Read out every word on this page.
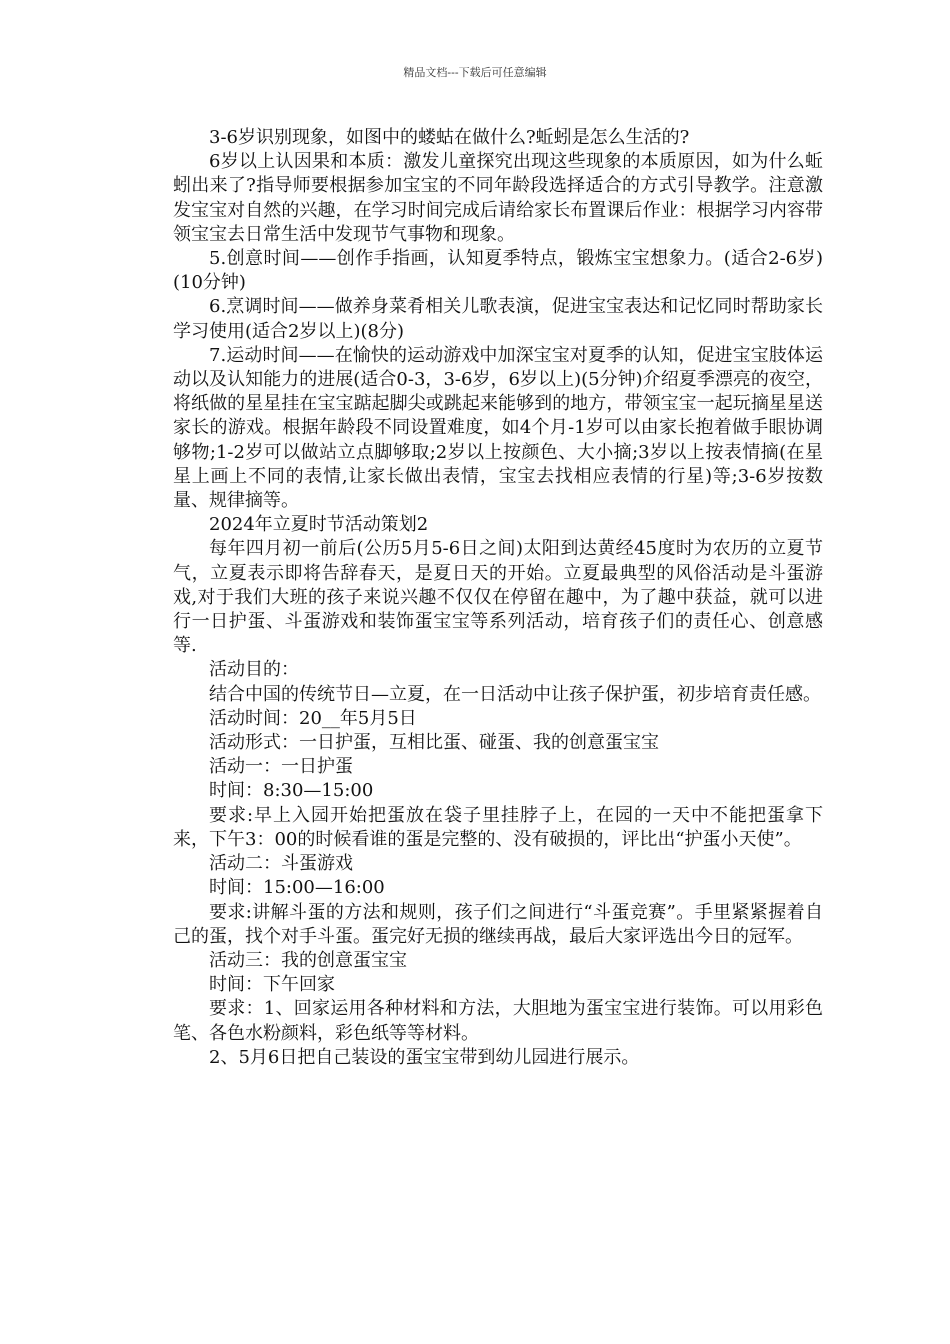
精品文档---下载后可任意编辑

3-6岁识别现象，如图中的蝼蛄在做什么?蚯蚓是怎么生活的?

6岁以上认因果和本质：激发儿童探究出现这些现象的本质原因，如为什么蚯蚓出来了?指导师要根据参加宝宝的不同年龄段选择适合的方式引导教学。注意激发宝宝对自然的兴趣，在学习时间完成后请给家长布置课后作业：根据学习内容带领宝宝去日常生活中发现节气事物和现象。

5.创意时间——创作手指画，认知夏季特点，锻炼宝宝想象力。(适合2-6岁)(10分钟)

6.烹调时间——做养身菜肴相关儿歌表演，促进宝宝表达和记忆同时帮助家长学习使用(适合2岁以上)(8分)

7.运动时间——在愉快的运动游戏中加深宝宝对夏季的认知，促进宝宝肢体运动以及认知能力的进展(适合0-3，3-6岁，6岁以上)(5分钟)介绍夏季漂亮的夜空，将纸做的星星挂在宝宝踮起脚尖或跳起来能够到的地方，带领宝宝一起玩摘星星送家长的游戏。根据年龄段不同设置难度，如4个月-1岁可以由家长抱着做手眼协调够物;1-2岁可以做站立点脚够取;2岁以上按颜色、大小摘;3岁以上按表情摘(在星星上画上不同的表情,让家长做出表情，宝宝去找相应表情的行星)等;3-6岁按数量、规律摘等。

2024年立夏时节活动策划2

每年四月初一前后(公历5月5-6日之间)太阳到达黄经45度时为农历的立夏节气，立夏表示即将告辞春天，是夏日天的开始。立夏最典型的风俗活动是斗蛋游戏,对于我们大班的孩子来说兴趣不仅仅在停留在趣中，为了趣中获益，就可以进行一日护蛋、斗蛋游戏和装饰蛋宝宝等系列活动，培育孩子们的责任心、创意感等.

活动目的：

结合中国的传统节日—立夏，在一日活动中让孩子保护蛋，初步培育责任感。

活动时间：20__年5月5日

活动形式：一日护蛋，互相比蛋、碰蛋、我的创意蛋宝宝

活动一：一日护蛋

时间：8:30—15:00

要求:早上入园开始把蛋放在袋子里挂脖子上，在园的一天中不能把蛋拿下来，下午3：00的时候看谁的蛋是完整的、没有破损的，评比出“护蛋小天使”。

活动二：斗蛋游戏

时间：15:00—16:00

要求:讲解斗蛋的方法和规则，孩子们之间进行“斗蛋竞赛”。手里紧紧握着自己的蛋，找个对手斗蛋。蛋完好无损的继续再战，最后大家评选出今日的冠军。

活动三：我的创意蛋宝宝

时间：下午回家

要求：1、回家运用各种材料和方法，大胆地为蛋宝宝进行装饰。可以用彩色笔、各色水粉颜料，彩色纸等等材料。

2、5月6日把自己装设的蛋宝宝带到幼儿园进行展示。
